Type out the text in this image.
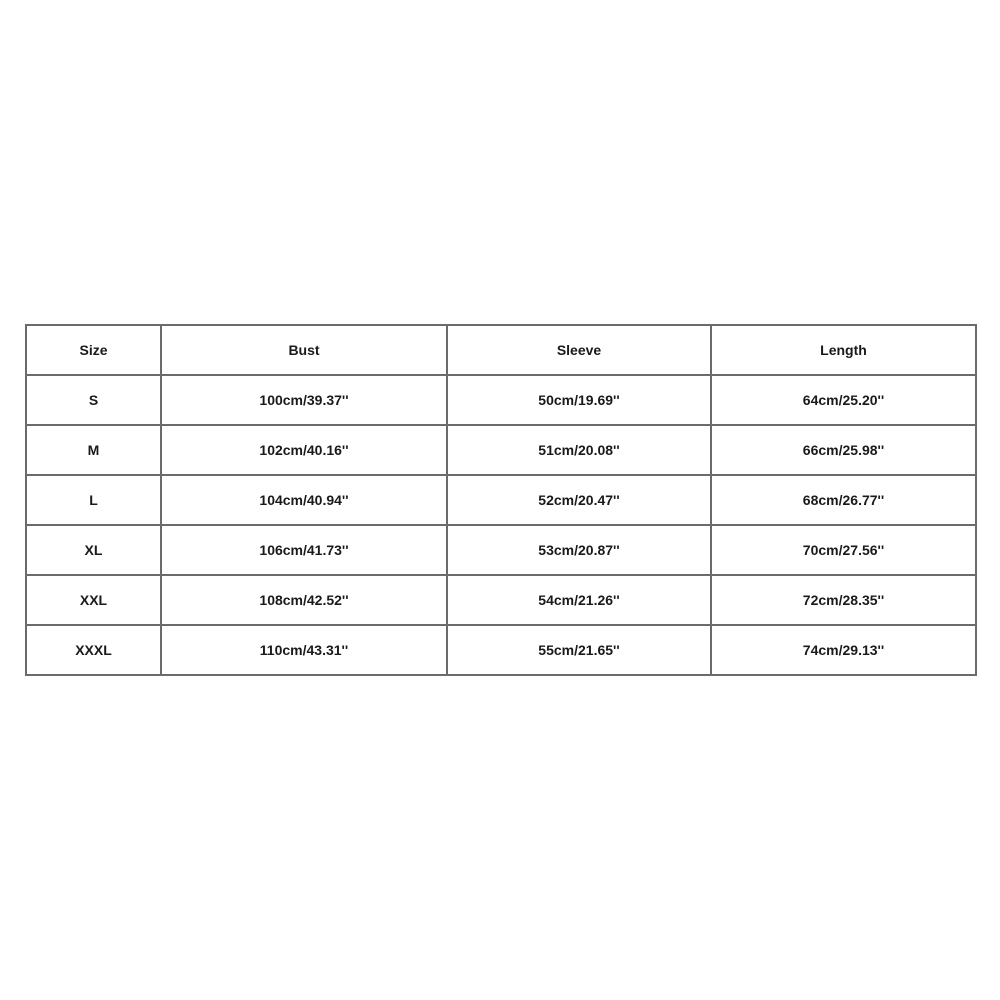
Size	Bust	Sleeve	Length
S	100cm/39.37''	50cm/19.69''	64cm/25.20''
M	102cm/40.16''	51cm/20.08''	66cm/25.98''
L	104cm/40.94''	52cm/20.47''	68cm/26.77''
XL	106cm/41.73''	53cm/20.87''	70cm/27.56''
XXL	108cm/42.52''	54cm/21.26''	72cm/28.35''
XXXL	110cm/43.31''	55cm/21.65''	74cm/29.13''
